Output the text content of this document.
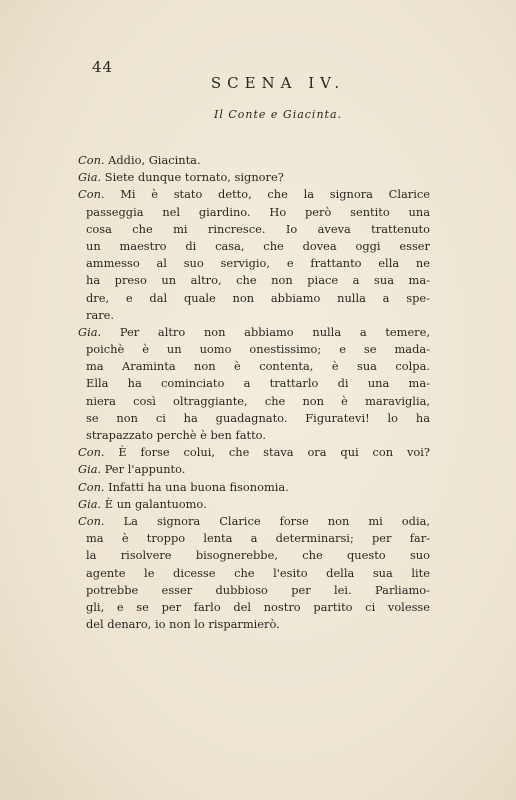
44
SCENA IV.
Il Conte e Giacinta.
Con. Addio, Giacinta.
Gia. Siete dunque tornato, signore?
Con. Mi è stato detto, che la signora Clarice
passeggia nel giardino. Ho però sentito una
cosa che mi rincresce. Io aveva trattenuto
un maestro di casa, che dovea oggi esser
ammesso al suo servigio, e frattanto ella ne
ha preso un altro, che non piace a sua ma-
dre, e dal quale non abbiamo nulla a spe-
rare.
Gia. Per altro non abbiamo nulla a temere,
poichè è un uomo onestissimo; e se mada-
ma Araminta non è contenta, è sua colpa.
Ella ha cominciato a trattarlo di una ma-
niera così oltraggiante, che non è maraviglia,
se non ci ha guadagnato. Figuratevi! lo ha
strapazzato perchè è ben fatto.
Con. È forse colui, che stava ora qui con voi?
Gia. Per l'appunto.
Con. Infatti ha una buona fisonomia.
Gia. È un galantuomo.
Con. La signora Clarice forse non mi odia,
ma è troppo lenta a determinarsi; per far-
la risolvere bisognerebbe, che questo suo
agente le dicesse che l'esito della sua lite
potrebbe esser dubbioso per lei. Parliamo-
gli, e se per farlo del nostro partito ci volesse
del denaro, io non lo risparmierò.
